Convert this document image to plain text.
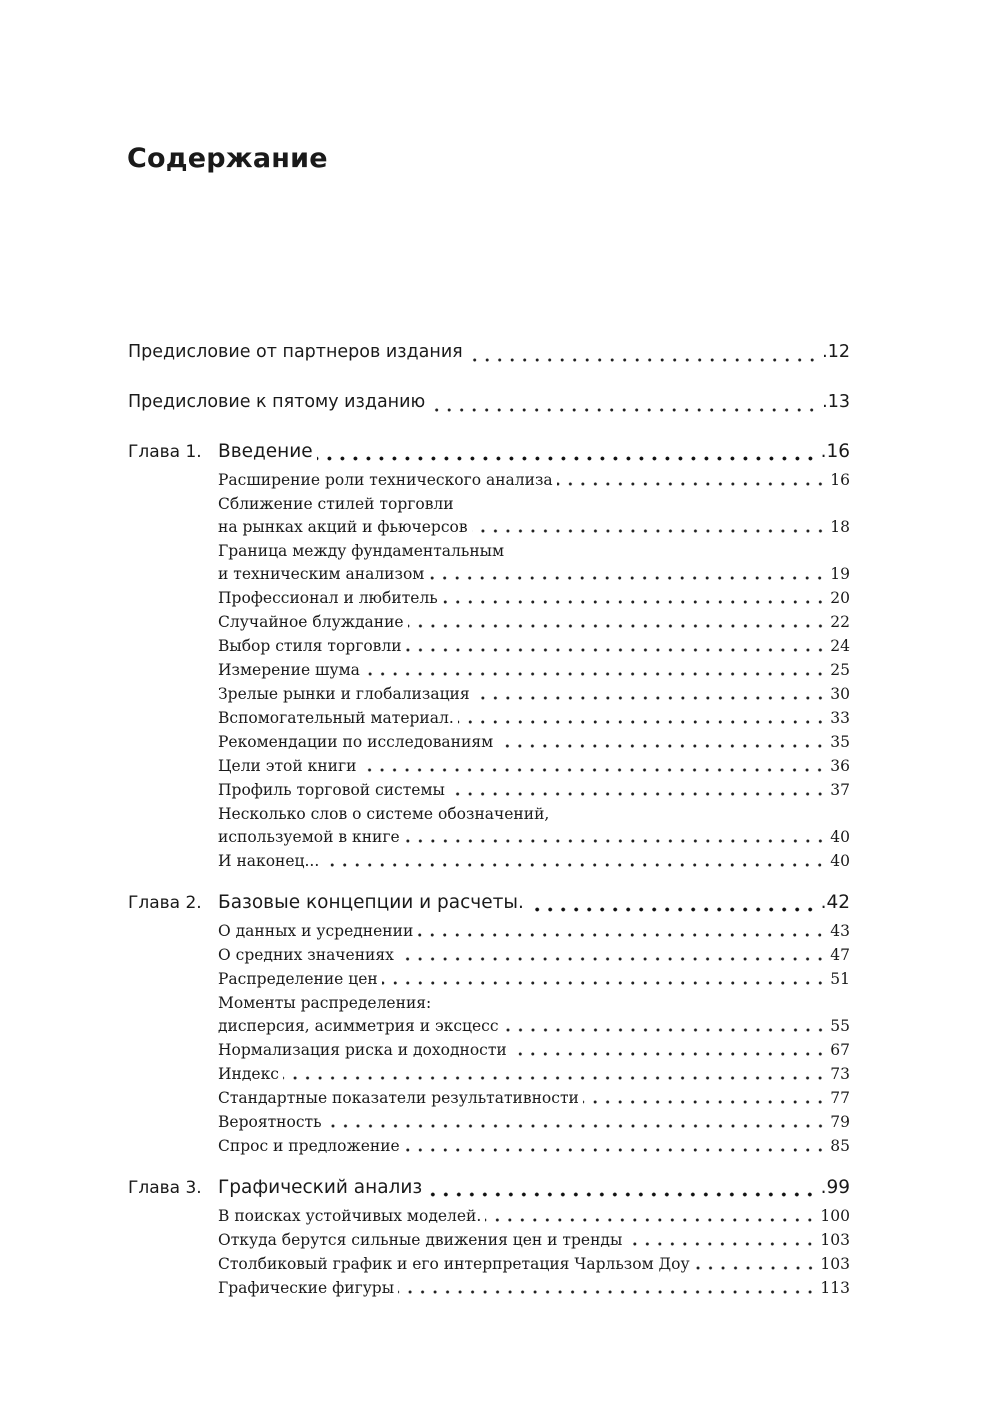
Содержание
Предисловие от партнеров издания	.12
Предисловие к пятому изданию	.13
Глава 1. Введение	.16
Расширение роли технического анализа	16
Сближение стилей торговли
на рынках акций и фьючерсов	18
Граница между фундаментальным
и техническим анализом	19
Профессионал и любитель	20
Случайное блуждание	22
Выбор стиля торговли	24
Измерение шума	25
Зрелые рынки и глобализация	30
Вспомогательный материал.	33
Рекомендации по исследованиям	35
Цели этой книги	36
Профиль торговой системы	37
Несколько слов о системе обозначений,
используемой в книге	40
И наконец...	40
Глава 2. Базовые концепции и расчеты.	.42
О данных и усреднении	43
О средних значениях	47
Распределение цен	51
Моменты распределения:
дисперсия, асимметрия и эксцесс	55
Нормализация риска и доходности	67
Индекс	73
Стандартные показатели результативности	77
Вероятность	79
Спрос и предложение	85
Глава 3. Графический анализ	.99
В поисках устойчивых моделей.	100
Откуда берутся сильные движения цен и тренды	103
Столбиковый график и его интерпретация Чарльзом Доу	103
Графические фигуры	113
